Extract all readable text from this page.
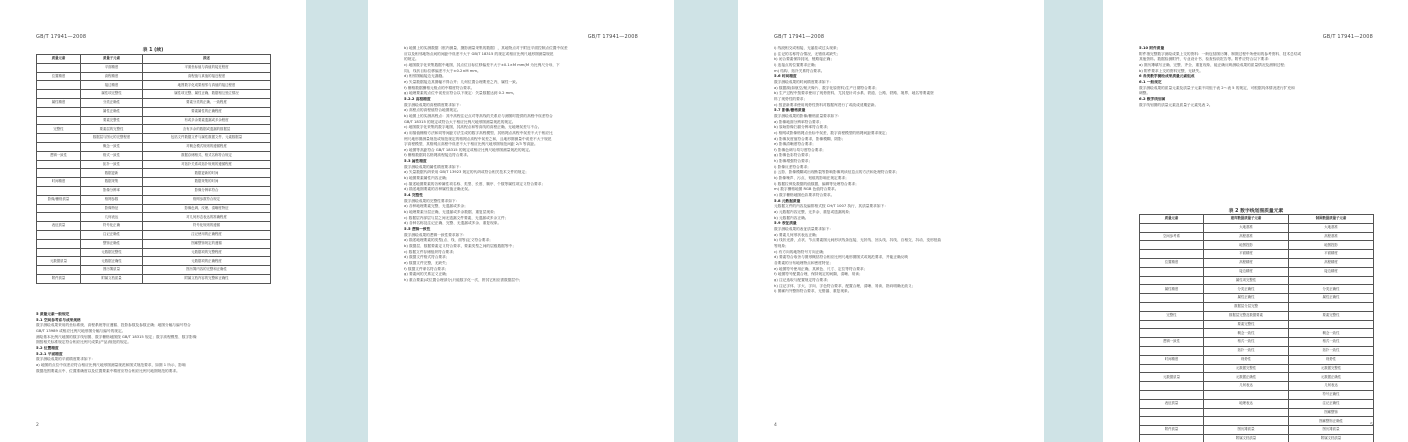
GB/T 17941—2008
表 1 (续)
质量元素	质量子元素	描述
	平面精度	平面坐标值与真值的接近程度
位置精度	高程精度	高程值与真值的接近程度
	接边精度	地图数字化成果相邻与真值的接边程度
	属性项完整性	属性项完整、属性正确、数据相互独立情况
属性精度	分类正确性	要素分类的正确、一致程度
	属性正确性	要素属性的正确程度
	要素完整性	有或多余要素遗漏或多余程度
完整性	要素层的完整性	含有多余的数据或遗漏的数据层
	数据层与图元的完整程度	包括文件数据文件与属性数据文件、元素数据量
	概念一致性	对概念模式规则的遵循程度
逻辑一致性	格式一致性	数据存储格式、格式名称符合规定
	拓扑一致性	对拓扑关系或拓扑规则的遵循程度
	数据更新	数据更新的时间
时间精度	数据采集	数据采集的时间
	影像分辨率	影像分辨率符合
影像/栅格质量	格网参数	格网参数符合规定
	影像特征	影像色调、纹理、清晰度特征
	几何表达	对几何形态表达的准确程度
表征质量	符号化正确	符号化规则的遵循
	注记正确性	注记使用的正确程度
	整饰正确性	图廓整饰规定的遵循
	元数据完整性	元数据项的完整程度
元数据质量	元数据正确性	元数据项的正确程度
	图历簿质量	图历簿内容的完整和正确性
附件质量	附属文档质量	附属文档内容的完整和正确性
5 质量元素一般规定
5.1 空间参考系与成果规格
数字测绘成果采用的坐标系统、高程系统等应遵循、投影参数及参数正确；地图分幅与编号符合
GB/T 13989 或相应比例尺地形图分幅与编号的规定。
测绘基本比例尺地图的数字线划图、数字栅格地图按 GB/T 18315 规定；数字高程模型、数字影像
图按相关标准规定符合相应比例尺成果(产品)规范的规定。
5.2 位置精度
5.2.1 平面精度
数字测绘成果的平面精度要求如下：
a) 地图的点位中误差应符合相应比例尺地形图测量规范和图式规范要求，如图 1 所示，影响
数据范围要素点中、位置准确度以及位置要素中精度应符合相应比例尺地图规范的要求。
2
GB/T 17941—2008
b) 地图上的实测数据（框内测量、摄影测量采集的数据），其地物点对于附近平面控制点位置中误差
应以及相邻地物点间的间距中误差不大于 GB/T 18315 的规定或相应比例尺地形图测量规范
的规定。
c) 地图数字化采集数据中地图，其点位目标位移偏差不大于±0.1×M mm(M 为比例尺分母，下
同)，线状目标位移偏差不大于±0.2×M mm。
d) 相邻图幅接边无漏缝。
e) 矢量数据接边其图幅不得合并；几何位置合理要差之内，属性一致。
f) 栅格数据栅格元格点的中精度符合要求。
g) 地理要素的点位中误差应符合以下规定：矢量数据达到 0.2 mm。
5.2.2 高程精度
数字测绘成果的高程精度要求如下：
a) 高程点的高程值符合地图规定。
b) 地图上的实测高程点：其中高程注记点对等高线的关系应与测图时提供的高程中误差符合
GB/T 18315 的规定或符合大于相应比例尺地形图测量规范的规定。
c) 地图数字化采集的数字地图，其高程点和等高线的高程正确，无地理误差与不合。
d) 用插值栅格方法和同等间距方法生成的数字高程模型，其格网点高程中误差不大于相应比
例尺地形图测量规范或规范规定的格网点高程中误差之和，且地形图测量中误差不大于规范
字高程模型，其格网点高程中误差不大于相应比例尺地形图规范间距 2/3 等高距。
e) 地图等高距符合 GB/T 18315 的规定或相应比例尺地形图测量规范的规定。
f) 栅格数据同名格网高程接边符合要求。
5.3 属性精度
数字测绘成果的属性精度要求如下：
a) 矢量数据代码采用 GB/T 13923 规定的代码或符合相关技术文件的规定；
b) 地图要素属性内容正确；
c) 描述地图要素的各种属性项名称、类型、长度、顺序、个数等属性项定义符合要求；
d) 描述地图要素的各种属性值正确无误。
5.4 完整性
数字测绘成果的完整性要求如下：
a) 各种地理要素完整，无遗漏或多余；
b) 地理要素分层正确，无遗漏或多余数据、重复层现象；
c) 数据层内部层与层之间无遗漏文件要素，无遗漏或多余文件；
d) 各种名称及注记正确、完整、无遗漏或多余、重复现象。
5.5 逻辑一致性
数字测绘成果的逻辑一致性要求如下：
a) 描述地理要素的类型(点、线、面等)定义符合要求；
b) 数据层、数据要素定义符合要求，要素类型之间的层级数据等中；
c) 数据文件存储组织符合要求；
d) 数据文件格式符合要求；
e) 数据文件完整，无缺失；
f) 数据文件命名符合要求；
g) 要素间的关系定义正确；
h) 重合要素(或位置合理部分)只能数字化一次，拼其它相应需数据层中；
GB/T 17941—2008
i) 线段相交或相接，无悬挂或过头现象；
j) 注记的名称符合情况，无错误或缺失；
k) 闭合要素保持封闭，链路接正确；
l) 连接点的位置要求正确；
m) 结构、拓扑关系符合要求。
5.6 时间精度
数字测绘成果的时间精度要求如下：
a) 数据源(如航空/航天像片、数字化原资料)生产日期符合要求；
b) 生产过程中按要求使用了现势资料，尤其是针对水系、铁道、公路、铁路、境界、地名等要素资
料了现势性的要求；
c) 按更新要求使用现势性资料对数据库进行了或改成适期更新。
5.7 影像/栅格质量
数字测绘成果的影像/栅格质量要求如下：
a) 影像地面分辨率符合要求；
b) 原始影像扫描分辨率符合要求；
c) 格网或影像格网点坐标中误差，数字高程模型的格网间距要求规定；
d) 影像灰度值符合要求，影像模糊、阴影；
e) 影像清晰度符合要求；
f) 影像色调与均匀度符合要求；
g) 影像色彩符合要求；
h) 影像增强符合要求；
i) 影像反差符合要求；
j) 云影、影像模糊或出现断裂等影响影像判读信息点的方法和处理符合要求；
k) 影像噪声、污点、划痕的影响在规定要求；
l) 数据拉伸及数据的值数据，编辑等处理符合要求；
m) 数字栅格地图 RGB 色值符合要求。
n) 数字栅格地图色彩要求符合要求。
5.8 元数据质量
元数据文件的内容及编排格式按 CH/T 1007 执行，其质量要求如下：
a) 元数据内容完整，无多余、重复或遗漏现象；
b) 元数据内容正确。
5.9 表征质量
数字测绘成果的表征质量要求如下：
a) 要素几何形状表达正确；
b) 线状光滑，点状、节点要素图元间形状线条连接，无折线、回头线、抖线、自相交、抖动、变形扭曲
等现象；
c) 有方向的地物符号方向正确；
d) 要素符合取舍与图形概括符合相应比例尺地形图图式或规范要求，并能正确反映
各要素的分布地理特点和密度特征；
e) 地图符号使用正确，其颜色、尺寸、定位等符合要求；
f) 地图符号配置合理，保持规定的间隔，清晰、易读；
g) 注记选取与配置规定符合要求；
h) 注记字体、字大、字向、字色符合要求，配置合理，清晰、易读，指向明确无歧义；
i) 图廓内外整饰符合要求，无错漏、重复现象。
4
GB/T 17941—2008
5.10 附件质量
附件指完整数字测绘成果上交的资料：一般包括图历簿、制图过程中所使用的参考资料、技术总结或
其他资料。数据检测附件，专业设计书、检查验收报告等。附件应符合以下要求：
a) 图历簿填写正确、完整、齐全、重复现象，能正确反映测绘成果的质量情况及测制过程；
b) 附件要求上交的资料完整，无缺失。
6 各类数字测绘成果质量元素组成
6.1 一般规定
数字测绘成果的质量元素及质量子元素不同组于表 2～表 5 的规定，可根据具体情况进行扩充和
调整。
6.2 数字线划图
数字线划图的质量元素及质量子元素见表 2。
表 2 数字线划图质量元素
质量元素	建库数据质量子元素	制图数据质量子元素
	大地基准	大地基准
空间参考系	高程基准	高程基准
	地图投影	地图投影
	平面精度	平面精度
位置精度	高程精度	高程精度
	接边精度	接边精度
	属性项完整性	
属性精度	分类正确性	分类正确性
	属性正确性	属性正确性
	数据层分层完整	
完整性	数据层完整及数据要素	要素完整性
	要素完整性	
	概念一致性	概念一致性
逻辑一致性	格式一致性	格式一致性
	拓扑一致性	拓扑一致性
时间精度	现势性	现势性
	元数据完整性	元数据完整性
元数据质量	元数据正确性	元数据正确性
	几何表达	几何表达
		符号正确性
表征质量	地理表达	注记正确性
		图廓整饰
		图廓整饰正确性
附件质量	图历簿质量	图历簿质量
	附属文档质量	附属文档质量
5
